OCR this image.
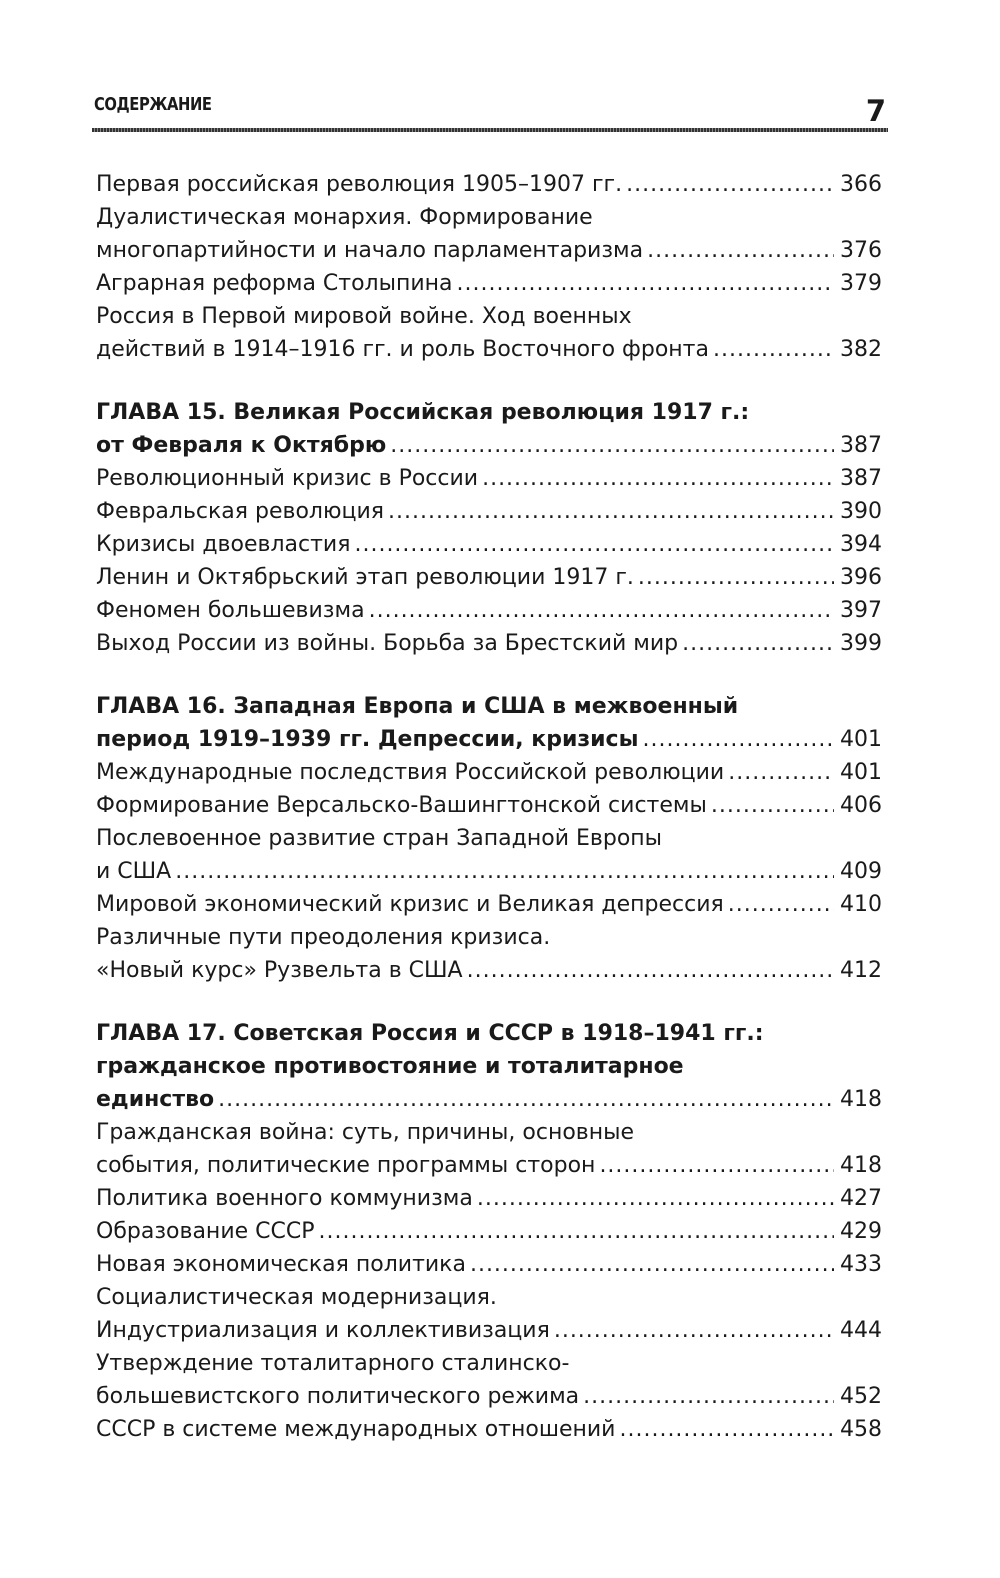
СОДЕРЖАНИЕ	7
Первая российская революция 1905–1907 гг. .....	366
Дуалистическая монархия. Формирование
многопартийности и начало парламентаризма .....	376
Аграрная реформа Столыпина .....	379
Россия в Первой мировой войне. Ход военных
действий в 1914–1916 гг. и роль Восточного фронта .....	382
ГЛАВА 15. Великая Российская революция 1917 г.:
от Февраля к Октябрю .....	387
Революционный кризис в России .....	387
Февральская революция .....	390
Кризисы двоевластия .....	394
Ленин и Октябрьский этап революции 1917 г. .....	396
Феномен большевизма .....	397
Выход России из войны. Борьба за Брестский мир .....	399
ГЛАВА 16. Западная Европа и США в межвоенный
период 1919–1939 гг. Депрессии, кризисы .....	401
Международные последствия Российской революции .....	401
Формирование Версальско-Вашингтонской системы .....	406
Послевоенное развитие стран Западной Европы
и США .....	409
Мировой экономический кризис и Великая депрессия .....	410
Различные пути преодоления кризиса.
«Новый курс» Рузвельта в США .....	412
ГЛАВА 17. Советская Россия и СССР в 1918–1941 гг.:
гражданское противостояние и тоталитарное
единство .....	418
Гражданская война: суть, причины, основные
события, политические программы сторон .....	418
Политика военного коммунизма .....	427
Образование СССР .....	429
Новая экономическая политика .....	433
Социалистическая модернизация.
Индустриализация и коллективизация .....	444
Утверждение тоталитарного сталинско-
большевистского политического режима .....	452
СССР в системе международных отношений .....	458
